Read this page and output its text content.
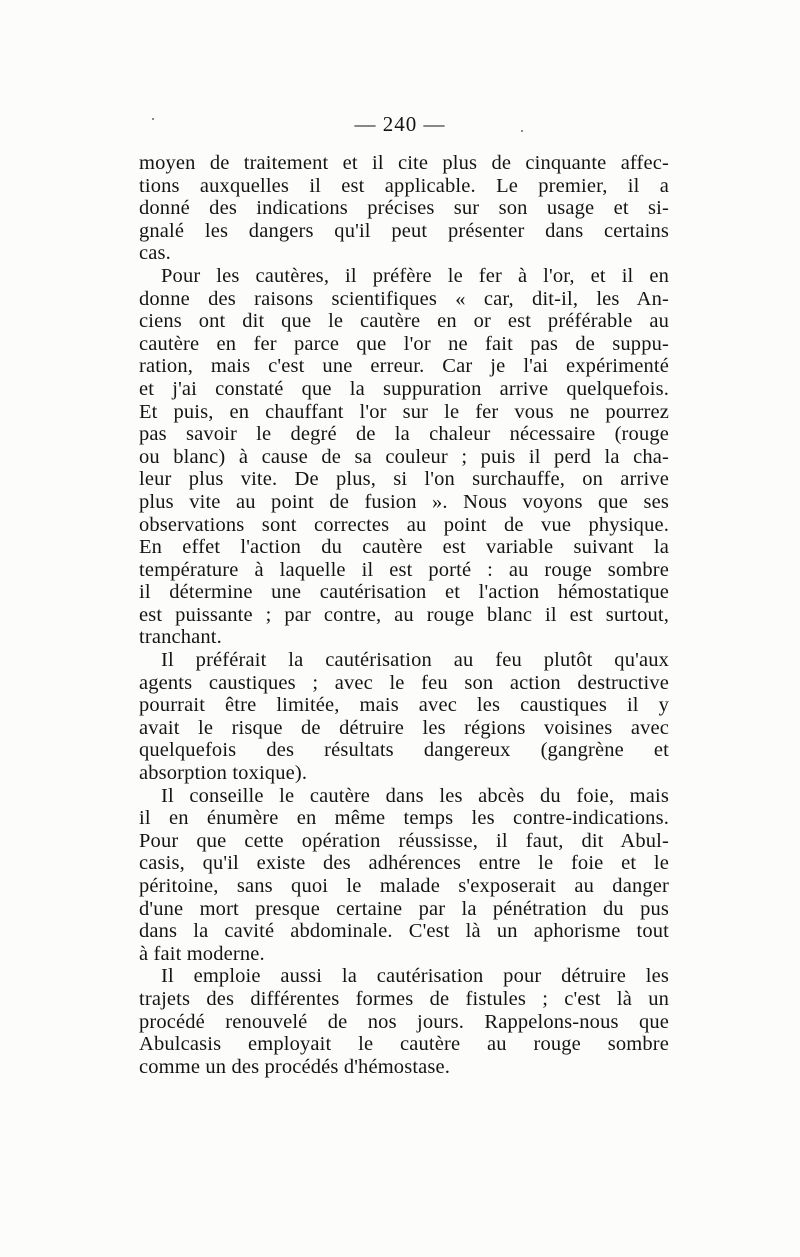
— 240 —
moyen de traitement et il cite plus de cinquante affec-
tions auxquelles il est applicable. Le premier, il a
donné des indications précises sur son usage et si-
gnalé les dangers qu'il peut présenter dans certains
cas.
Pour les cautères, il préfère le fer à l'or, et il en
donne des raisons scientifiques « car, dit-il, les An-
ciens ont dit que le cautère en or est préférable au
cautère en fer parce que l'or ne fait pas de suppu-
ration, mais c'est une erreur. Car je l'ai expérimenté
et j'ai constaté que la suppuration arrive quelquefois.
Et puis, en chauffant l'or sur le fer vous ne pourrez
pas savoir le degré de la chaleur nécessaire (rouge
ou blanc) à cause de sa couleur ; puis il perd la cha-
leur plus vite. De plus, si l'on surchauffe, on arrive
plus vite au point de fusion ». Nous voyons que ses
observations sont correctes au point de vue physique.
En effet l'action du cautère est variable suivant la
température à laquelle il est porté : au rouge sombre
il détermine une cautérisation et l'action hémostatique
est puissante ; par contre, au rouge blanc il est surtout,
tranchant.
Il préférait la cautérisation au feu plutôt qu'aux
agents caustiques ; avec le feu son action destructive
pourrait être limitée, mais avec les caustiques il y
avait le risque de détruire les régions voisines avec
quelquefois des résultats dangereux (gangrène et
absorption toxique).
Il conseille le cautère dans les abcès du foie, mais
il en énumère en même temps les contre-indications.
Pour que cette opération réussisse, il faut, dit Abul-
casis, qu'il existe des adhérences entre le foie et le
péritoine, sans quoi le malade s'exposerait au danger
d'une mort presque certaine par la pénétration du pus
dans la cavité abdominale. C'est là un aphorisme tout
à fait moderne.
Il emploie aussi la cautérisation pour détruire les
trajets des différentes formes de fistules ; c'est là un
procédé renouvelé de nos jours. Rappelons-nous que
Abulcasis employait le cautère au rouge sombre
comme un des procédés d'hémostase.
